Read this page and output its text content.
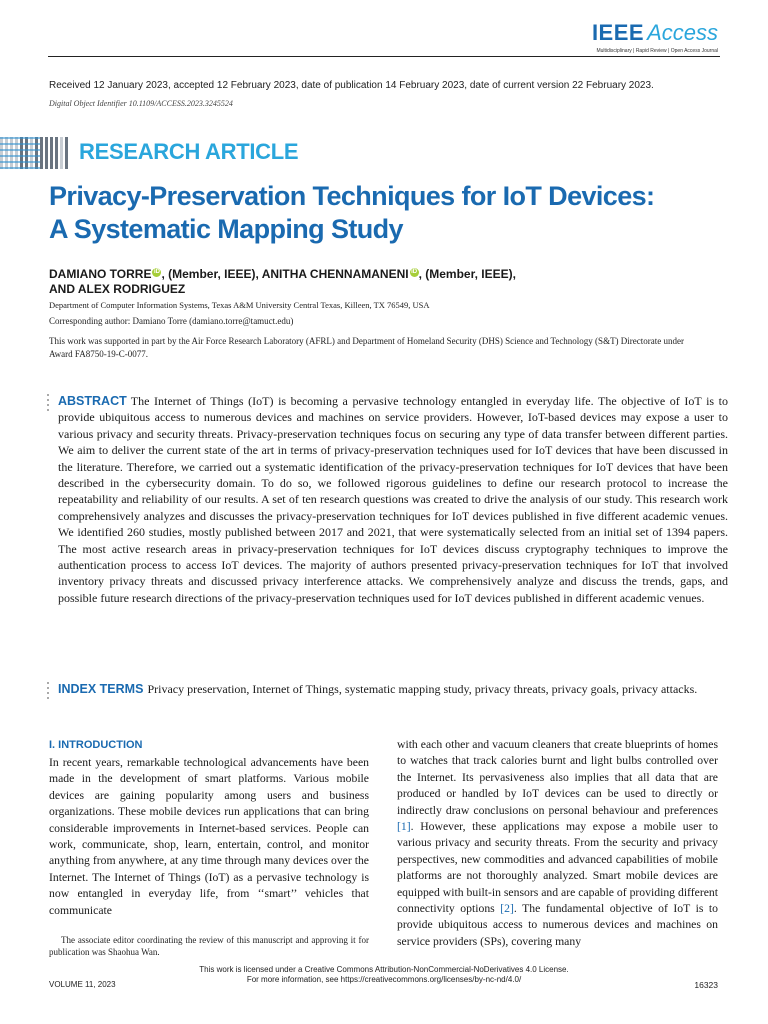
IEEE Access
Multidisciplinary | Rapid Review | Open Access Journal
Received 12 January 2023, accepted 12 February 2023, date of publication 14 February 2023, date of current version 22 February 2023.
Digital Object Identifier 10.1109/ACCESS.2023.3245524
RESEARCH ARTICLE
Privacy-Preservation Techniques for IoT Devices:
A Systematic Mapping Study
DAMIANO TORRE iD , (Member, IEEE), ANITHA CHENNAMANENI iD , (Member, IEEE),
AND ALEX RODRIGUEZ
Department of Computer Information Systems, Texas A&M University Central Texas, Killeen, TX 76549, USA
Corresponding author: Damiano Torre (damiano.torre@tamuct.edu)
This work was supported in part by the Air Force Research Laboratory (AFRL) and Department of Homeland Security (DHS) Science and Technology (S&T) Directorate under Award FA8750-19-C-0077.
ABSTRACT The Internet of Things (IoT) is becoming a pervasive technology entangled in everyday life. The objective of IoT is to provide ubiquitous access to numerous devices and machines on service providers. However, IoT-based devices may expose a user to various privacy and security threats. Privacy-preservation techniques focus on securing any type of data transfer between different parties. We aim to deliver the current state of the art in terms of privacy-preservation techniques used for IoT devices that have been discussed in the literature. Therefore, we carried out a systematic identification of the privacy-preservation techniques for IoT devices that have been described in the cybersecurity domain. To do so, we followed rigorous guidelines to define our research protocol to increase the repeatability and reliability of our results. A set of ten research questions was created to drive the analysis of our study. This research work comprehensively analyzes and discusses the privacy-preservation techniques for IoT devices published in five different academic venues. We identified 260 studies, mostly published between 2017 and 2021, that were systematically selected from an initial set of 1394 papers. The most active research areas in privacy-preservation techniques for IoT devices discuss cryptography techniques to improve the authentication process to access IoT devices. The majority of authors presented privacy-preservation techniques for IoT that involved inventory privacy threats and discussed privacy interference attacks. We comprehensively analyze and discuss the trends, gaps, and possible future research directions of the privacy-preservation techniques used for IoT devices published in different academic venues.
INDEX TERMS Privacy preservation, Internet of Things, systematic mapping study, privacy threats, privacy goals, privacy attacks.
I. INTRODUCTION
In recent years, remarkable technological advancements have been made in the development of smart platforms. Various mobile devices are gaining popularity among users and business organizations. These mobile devices run applications that can bring considerable improvements in Internet-based services. People can work, communicate, shop, learn, entertain, control, and monitor anything from anywhere, at any time through many devices over the Internet. The Internet of Things (IoT) as a pervasive technology is now entangled in everyday life, from ‘‘smart’’ vehicles that communicate
with each other and vacuum cleaners that create blueprints of homes to watches that track calories burnt and light bulbs controlled over the Internet. Its pervasiveness also implies that all data that are produced or handled by IoT devices can be used to directly or indirectly draw conclusions on personal behaviour and preferences [1]. However, these applications may expose a mobile user to various privacy and security threats. From the security and privacy perspectives, new commodities and advanced capabilities of mobile platforms are not thoroughly analyzed. Smart mobile devices are equipped with built-in sensors and are capable of providing different connectivity options [2]. The fundamental objective of IoT is to provide ubiquitous access to numerous devices and machines on service providers (SPs), covering many
The associate editor coordinating the review of this manuscript and approving it for publication was Shaohua Wan.
This work is licensed under a Creative Commons Attribution-NonCommercial-NoDerivatives 4.0 License.
For more information, see https://creativecommons.org/licenses/by-nc-nd/4.0/
VOLUME 11, 2023	16323
